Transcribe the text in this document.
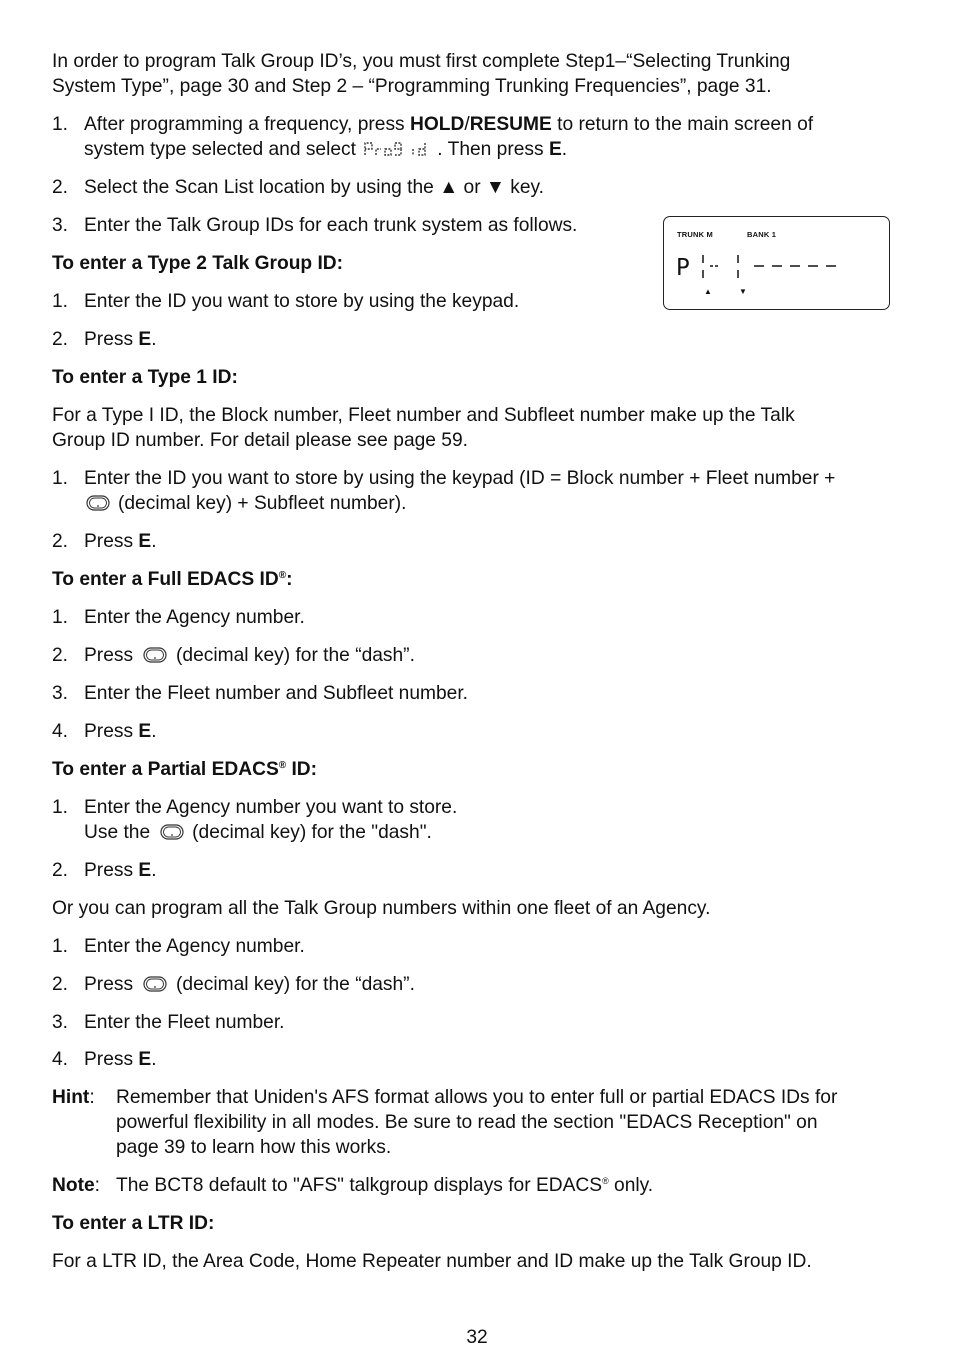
In order to program Talk Group ID’s, you must first complete Step1–“Selecting Trunking
System Type”, page 30 and Step 2 – “Programming Trunking Frequencies”, page 31.
1. After programming a frequency, press HOLD/RESUME to return to the main screen of
system type selected and select	. Then press E.
2. Select the Scan List location by using the ▲ or ▼ key.
3. Enter the Talk Group IDs for each trunk system as follows.	TRUNK M	BANK 1
P
▲	▼
To enter a Type 2 Talk Group ID:
1. Enter the ID you want to store by using the keypad.
2. Press E.
To enter a Type 1 ID:
For a Type I ID, the Block number, Fleet number and Subfleet number make up the Talk
Group ID number. For detail please see page 59.
1. Enter the ID you want to store by using the keypad (ID = Block number + Fleet number +
(decimal key) + Subfleet number).
2. Press E.
To enter a Full EDACS ID®:
1. Enter the Agency number.
2. Press (decimal key) for the “dash”.
3. Enter the Fleet number and Subfleet number.
4. Press E.
To enter a Partial EDACS® ID:
1. Enter the Agency number you want to store.
Use the (decimal key) for the "dash".
2. Press E.
Or you can program all the Talk Group numbers within one fleet of an Agency.
1. Enter the Agency number.
2. Press (decimal key) for the “dash”.
3. Enter the Fleet number.
4. Press E.
Hint: Remember that Uniden's AFS format allows you to enter full or partial EDACS IDs for
powerful flexibility in all modes. Be sure to read the section "EDACS Reception" on
page 39 to learn how this works.
Note: The BCT8 default to "AFS" talkgroup displays for EDACS® only.
To enter a LTR ID:
For a LTR ID, the Area Code, Home Repeater number and ID make up the Talk Group ID.
32
